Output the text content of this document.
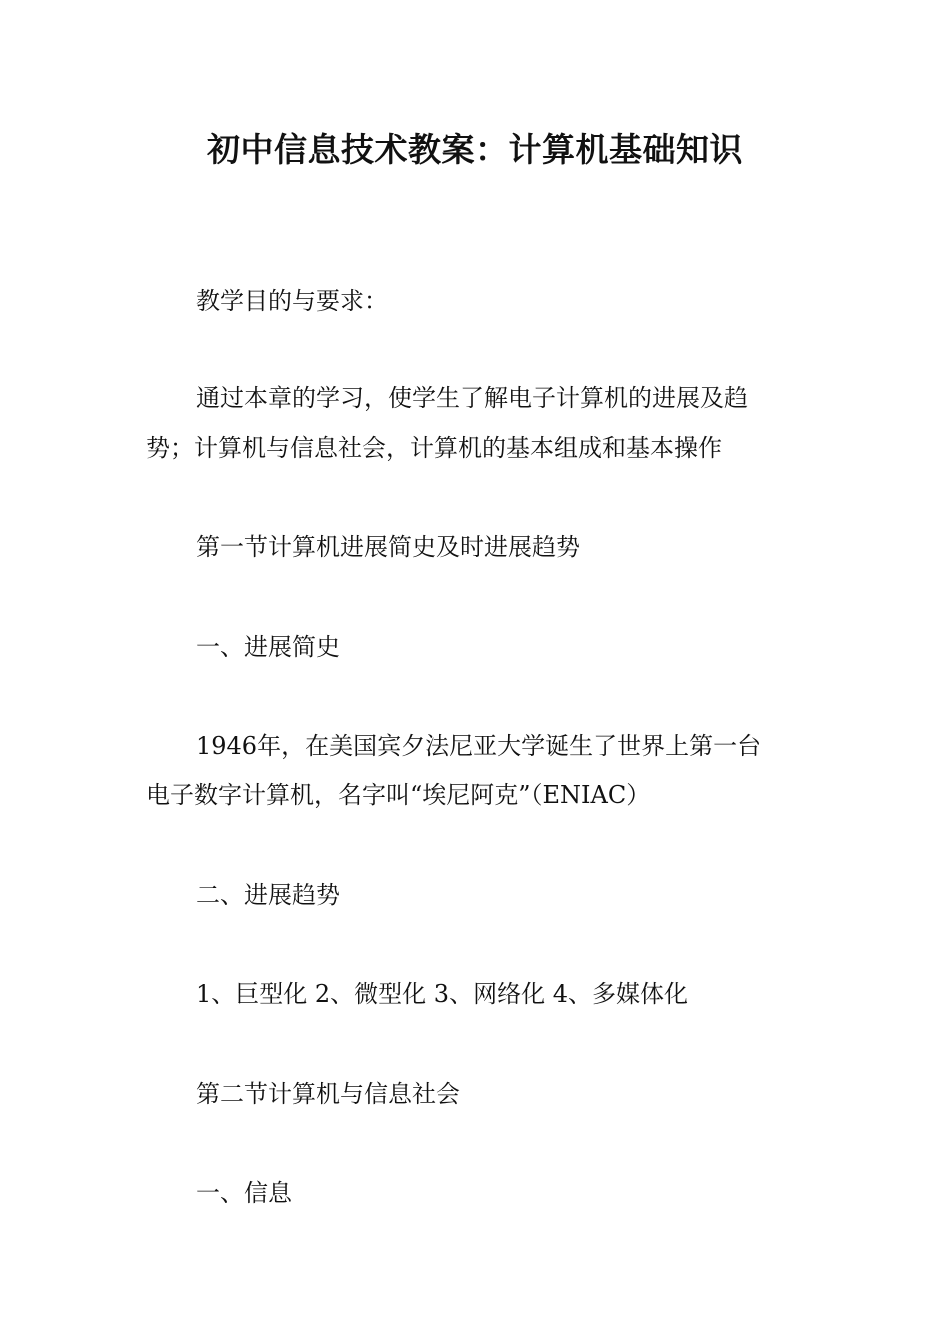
初中信息技术教案：计算机基础知识
教学目的与要求：
通过本章的学习，使学生了解电子计算机的进展及趋
势；计算机与信息社会，计算机的基本组成和基本操作
第一节计算机进展简史及时进展趋势
一、进展简史
1946年，在美国宾夕法尼亚大学诞生了世界上第一台
电子数字计算机，名字叫“埃尼阿克”（ENIAC）
二、进展趋势
1、巨型化 2、微型化 3、网络化 4、多媒体化
第二节计算机与信息社会
一、信息
